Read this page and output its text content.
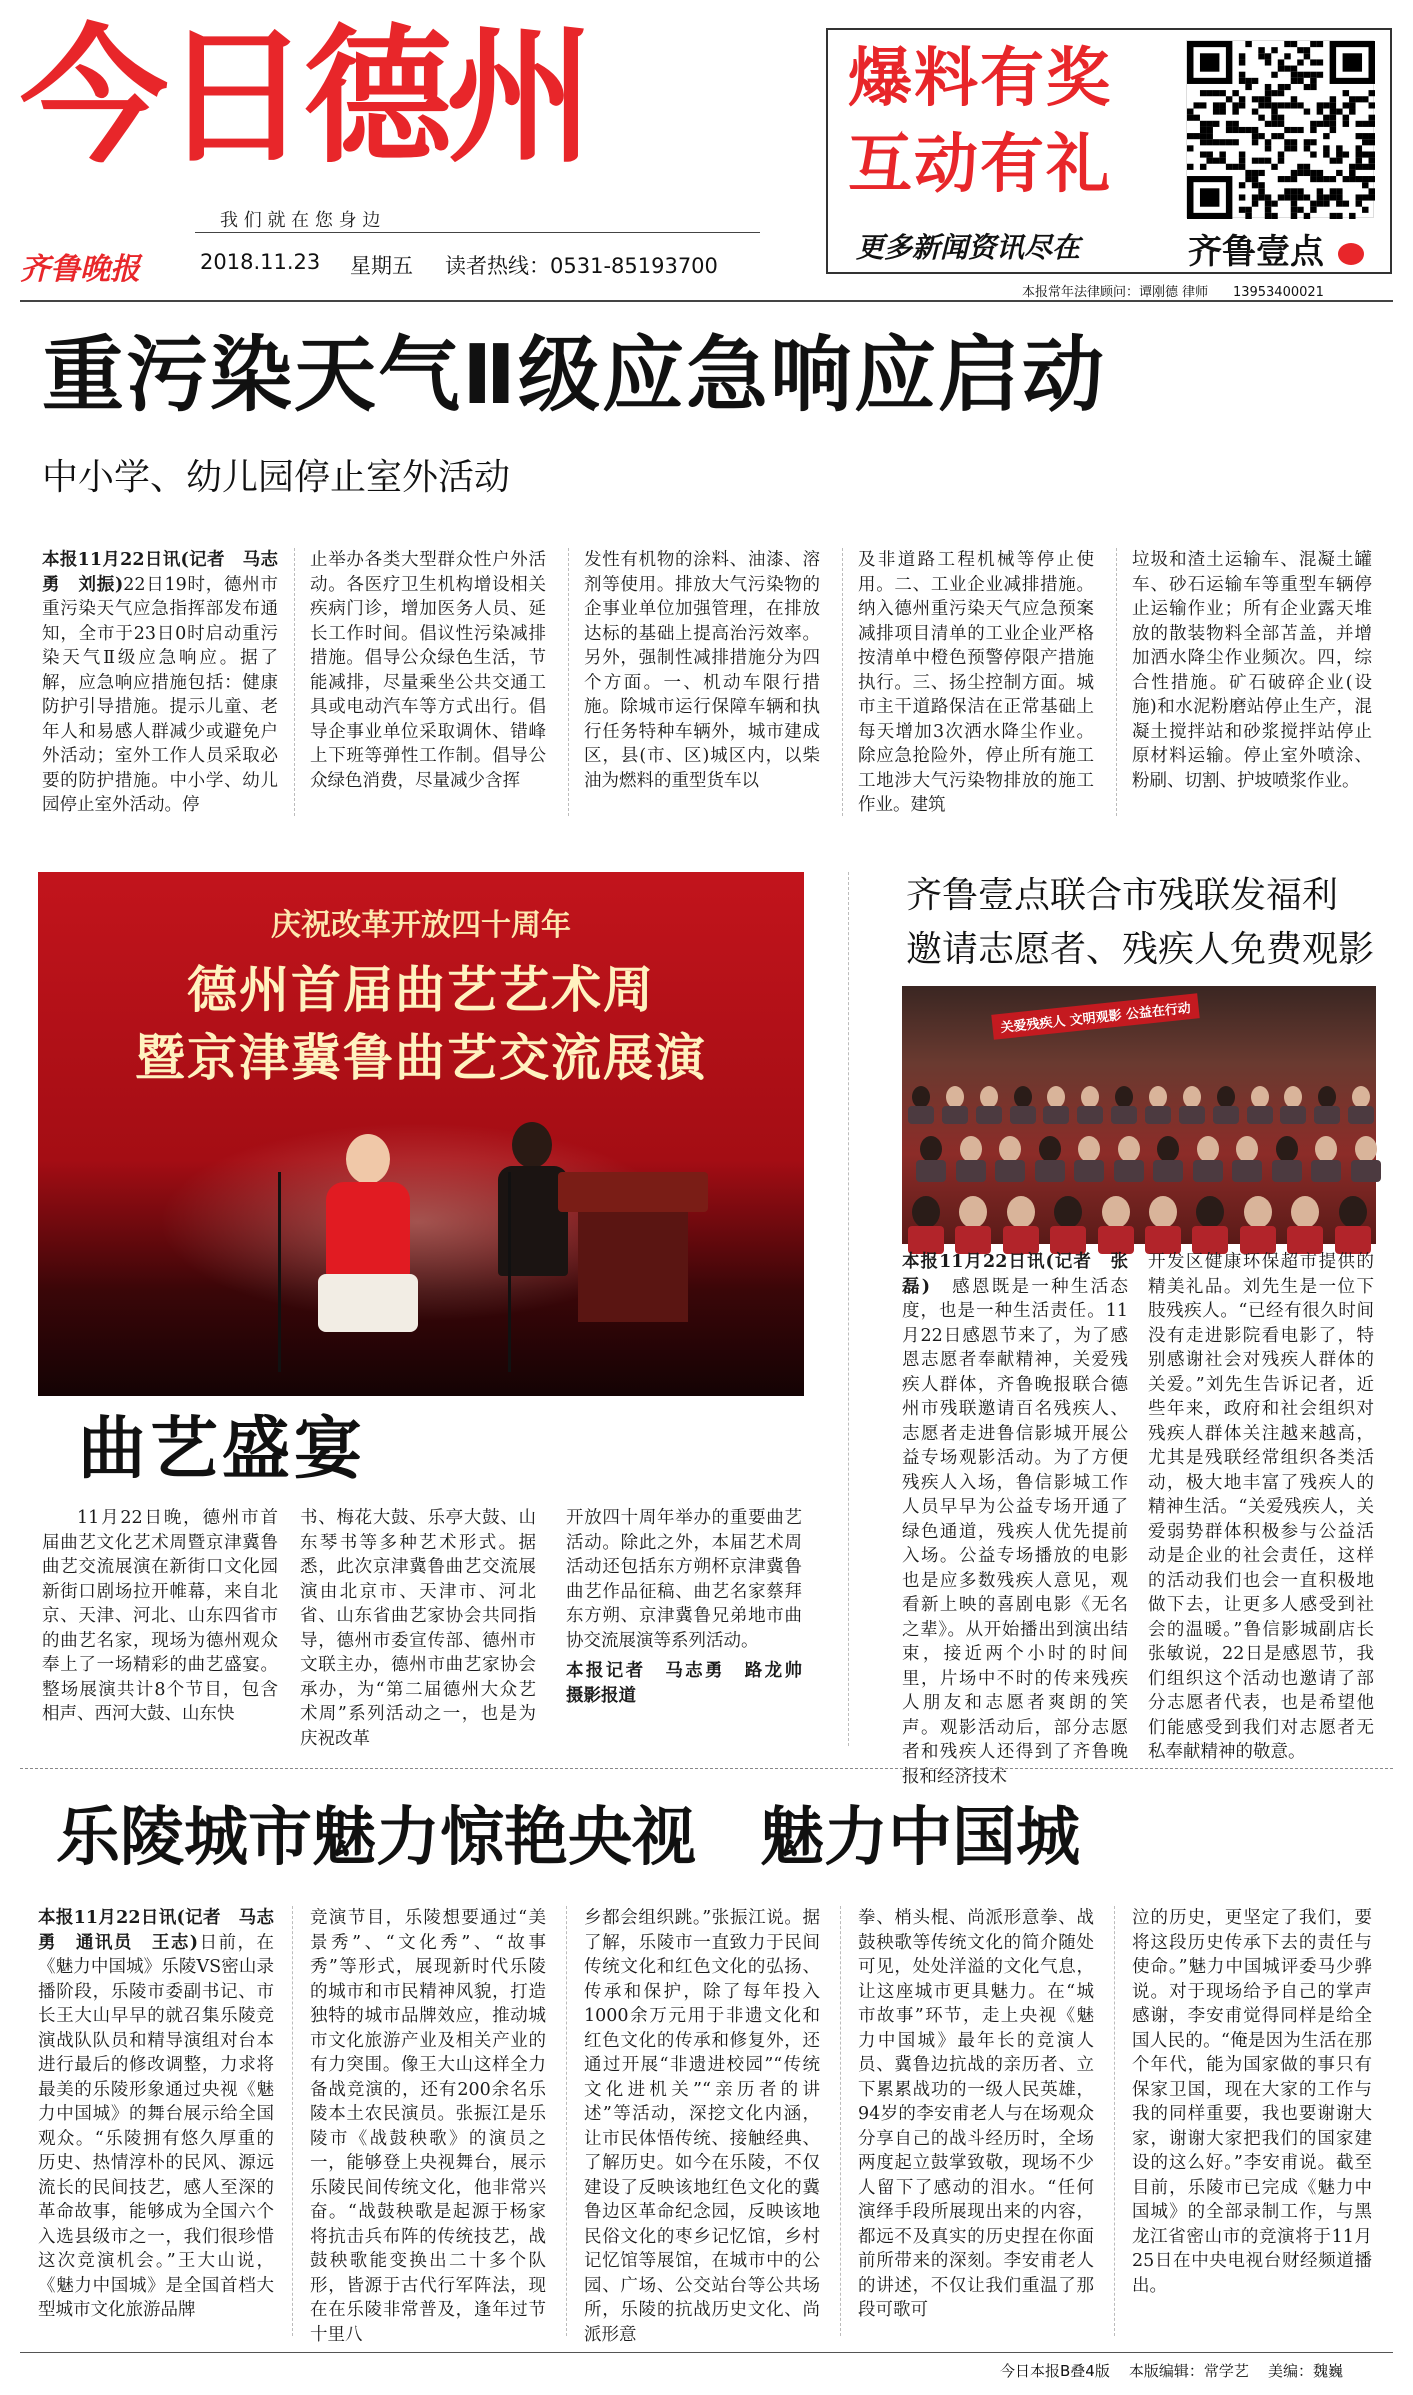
今日德州
我 们 就 在 您 身 边
齐鲁晚报	2018.11.23 星期五 读者热线：0531-85193700
爆料有奖
互动有礼
更多新闻资讯尽在	齐鲁壹点
本报常年法律顾问：谭刚德 律师 13953400021
重污染天气Ⅱ级应急响应启动
中小学、幼儿园停止室外活动

本报11月22日讯(记者　马志勇　刘振)22日19时，德州市重污染天气应急指挥部发布通知，全市于23日0时启动重污染天气Ⅱ级应急响应。据了解，应急响应措施包括：健康防护引导措施。提示儿童、老年人和易感人群减少或避免户外活动；室外工作人员采取必要的防护措施。中小学、幼儿园停止室外活动。停

止举办各类大型群众性户外活动。各医疗卫生机构增设相关疾病门诊，增加医务人员、延长工作时间。倡议性污染减排措施。倡导公众绿色生活，节能减排，尽量乘坐公共交通工具或电动汽车等方式出行。倡导企事业单位采取调休、错峰上下班等弹性工作制。倡导公众绿色消费，尽量减少含挥

发性有机物的涂料、油漆、溶剂等使用。排放大气污染物的企事业单位加强管理，在排放达标的基础上提高治污效率。另外，强制性减排措施分为四个方面。一、机动车限行措施。除城市运行保障车辆和执行任务特种车辆外，城市建成区，县(市、区)城区内，以柴油为燃料的重型货车以

及非道路工程机械等停止使用。二、工业企业减排措施。纳入德州重污染天气应急预案减排项目清单的工业企业严格按清单中橙色预警停限产措施执行。三、扬尘控制方面。城市主干道路保洁在正常基础上每天增加3次洒水降尘作业。除应急抢险外，停止所有施工工地涉大气污染物排放的施工作业。建筑

垃圾和渣土运输车、混凝土罐车、砂石运输车等重型车辆停止运输作业；所有企业露天堆放的散装物料全部苫盖，并增加洒水降尘作业频次。四，综合性措施。矿石破碎企业(设施)和水泥粉磨站停止生产，混凝土搅拌站和砂浆搅拌站停止原材料运输。停止室外喷涂、粉刷、切割、护坡喷浆作业。

庆祝改革开放四十周年
德州首届曲艺艺术周
暨京津冀鲁曲艺交流展演
曲艺盛宴

11月22日晚，德州市首届曲艺文化艺术周暨京津冀鲁曲艺交流展演在新街口文化园新街口剧场拉开帷幕，来自北京、天津、河北、山东四省市的曲艺名家，现场为德州观众奉上了一场精彩的曲艺盛宴。整场展演共计8个节目，包含相声、西河大鼓、山东快

书、梅花大鼓、乐亭大鼓、山东琴书等多种艺术形式。据悉，此次京津冀鲁曲艺交流展演由北京市、天津市、河北省、山东省曲艺家协会共同指导，德州市委宣传部、德州市文联主办，德州市曲艺家协会承办，为“第二届德州大众艺术周”系列活动之一，也是为庆祝改革

开放四十周年举办的重要曲艺活动。除此之外，本届艺术周活动还包括东方朔杯京津冀鲁曲艺作品征稿、曲艺名家蔡拜东方朔、京津冀鲁兄弟地市曲协交流展演等系列活动。

本报记者　马志勇　路龙帅　摄影报道

齐鲁壹点联合市残联发福利
邀请志愿者、残疾人免费观影
关爱残疾人 文明观影 公益在行动

本报11月22日讯(记者　张磊)　 感恩既是一种生活态度，也是一种生活责任。11月22日感恩节来了，为了感恩志愿者奉献精神，关爱残疾人群体，齐鲁晚报联合德州市残联邀请百名残疾人、志愿者走进鲁信影城开展公益专场观影活动。为了方便残疾人入场，鲁信影城工作人员早早为公益专场开通了绿色通道，残疾人优先提前入场。公益专场播放的电影也是应多数残疾人意见，观看新上映的喜剧电影《无名之辈》。从开始播出到演出结束，接近两个小时的时间里，片场中不时的传来残疾人朋友和志愿者爽朗的笑声。观影活动后，部分志愿者和残疾人还得到了齐鲁晚报和经济技术

开发区健康环保超市提供的精美礼品。刘先生是一位下肢残疾人。“已经有很久时间没有走进影院看电影了，特别感谢社会对残疾人群体的关爱。”刘先生告诉记者，近些年来，政府和社会组织对残疾人群体关注越来越高，尤其是残联经常组织各类活动，极大地丰富了残疾人的精神生活。“关爱残疾人，关爱弱势群体积极参与公益活动是企业的社会责任，这样的活动我们也会一直积极地做下去，让更多人感受到社会的温暖。”鲁信影城副店长张敏说，22日是感恩节，我们组织这个活动也邀请了部分志愿者代表，也是希望他们能感受到我们对志愿者无私奉献精神的敬意。

乐陵城市魅力惊艳央视　魅力中国城

本报11月22日讯(记者　马志勇　通讯员　王志)日前，在《魅力中国城》乐陵VS密山录播阶段，乐陵市委副书记、市长王大山早早的就召集乐陵竞演战队队员和精导演组对台本进行最后的修改调整，力求将最美的乐陵形象通过央视《魅力中国城》的舞台展示给全国观众。“乐陵拥有悠久厚重的历史、热情淳朴的民风、源远流长的民间技艺，感人至深的革命故事，能够成为全国六个入选县级市之一，我们很珍惜这次竞演机会。”王大山说，《魅力中国城》是全国首档大型城市文化旅游品牌

竞演节目，乐陵想要通过“美景秀”、“文化秀”、“故事秀”等形式，展现新时代乐陵的城市和市民精神风貌，打造独特的城市品牌效应，推动城市文化旅游产业及相关产业的有力突围。像王大山这样全力备战竞演的，还有200余名乐陵本土农民演员。张振江是乐陵市《战鼓秧歌》的演员之一，能够登上央视舞台，展示乐陵民间传统文化，他非常兴奋。“战鼓秧歌是起源于杨家将抗击兵布阵的传统技艺，战鼓秧歌能变换出二十多个队形，皆源于古代行军阵法，现在在乐陵非常普及，逢年过节十里八

乡都会组织跳。”张振江说。据了解，乐陵市一直致力于民间传统文化和红色文化的弘扬、传承和保护，除了每年投入1000余万元用于非遗文化和红色文化的传承和修复外，还通过开展“非遗进校园”“传统文化进机关”“亲历者的讲述”等活动，深挖文化内涵，让市民体悟传统、接触经典、了解历史。如今在乐陵，不仅建设了反映该地红色文化的冀鲁边区革命纪念园，反映该地民俗文化的枣乡记忆馆，乡村记忆馆等展馆，在城市中的公园、广场、公交站台等公共场所，乐陵的抗战历史文化、尚派形意

拳、梢头棍、尚派形意拳、战鼓秧歌等传统文化的简介随处可见，处处洋溢的文化气息，让这座城市更具魅力。在“城市故事”环节，走上央视《魅力中国城》最年长的竞演人员、冀鲁边抗战的亲历者、立下累累战功的一级人民英雄，94岁的李安甫老人与在场观众分享自己的战斗经历时，全场两度起立鼓掌致敬，现场不少人留下了感动的泪水。“任何演绎手段所展现出来的内容，都远不及真实的历史捏在你面前所带来的深刻。李安甫老人的讲述，不仅让我们重温了那段可歌可

泣的历史，更坚定了我们，要将这段历史传承下去的责任与使命。”魅力中国城评委马少骅说。对于现场给予自己的掌声感谢，李安甫觉得同样是给全国人民的。“俺是因为生活在那个年代，能为国家做的事只有保家卫国，现在大家的工作与我的同样重要，我也要谢谢大家，谢谢大家把我们的国家建设的这么好。”李安甫说。截至目前，乐陵市已完成《魅力中国城》的全部录制工作，与黑龙江省密山市的竞演将于11月25日在中央电视台财经频道播出。

今日本报B叠4版 本版编辑：常学艺 美编：魏巍
